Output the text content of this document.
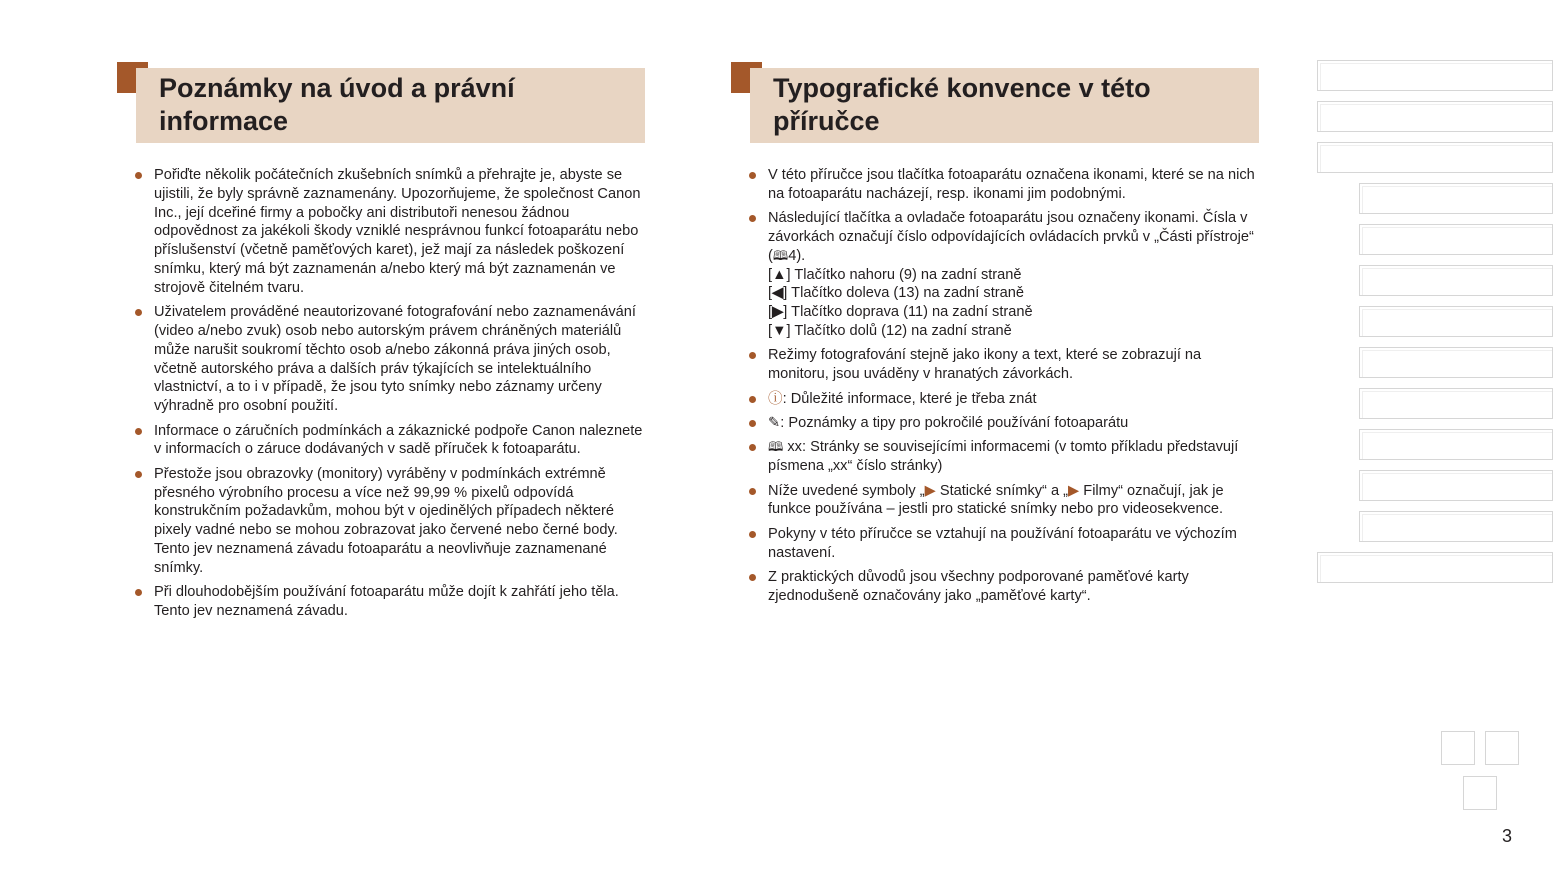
Poznámky na úvod a právní informace
Pořiďte několik počátečních zkušebních snímků a přehrajte je, abyste se ujistili, že byly správně zaznamenány. Upozorňujeme, že společnost Canon Inc., její dceřiné firmy a pobočky ani distributoři nenesou žádnou odpovědnost za jakékoli škody vzniklé nesprávnou funkcí fotoaparátu nebo příslušenství (včetně paměťových karet), jež mají za následek poškození snímku, který má být zaznamenán a/nebo který má být zaznamenán ve strojově čitelném tvaru.
Uživatelem prováděné neautorizované fotografování nebo zaznamenávání (video a/nebo zvuk) osob nebo autorským právem chráněných materiálů může narušit soukromí těchto osob a/nebo zákonná práva jiných osob, včetně autorského práva a dalších práv týkajících se intelektuálního vlastnictví, a to i v případě, že jsou tyto snímky nebo záznamy určeny výhradně pro osobní použití.
Informace o záručních podmínkách a zákaznické podpoře Canon naleznete v informacích o záruce dodávaných v sadě příruček k fotoaparátu.
Přestože jsou obrazovky (monitory) vyráběny v podmínkách extrémně přesného výrobního procesu a více než 99,99 % pixelů odpovídá konstrukčním požadavkům, mohou být v ojedinělých případech některé pixely vadné nebo se mohou zobrazovat jako červené nebo černé body. Tento jev neznamená závadu fotoaparátu a neovlivňuje zaznamenané snímky.
Při dlouhodobějším používání fotoaparátu může dojít k zahřátí jeho těla. Tento jev neznamená závadu.
Typografické konvence v této příručce
V této příručce jsou tlačítka fotoaparátu označena ikonami, které se na nich na fotoaparátu nacházejí, resp. ikonami jim podobnými.
Následující tlačítka a ovladače fotoaparátu jsou označeny ikonami. Čísla v závorkách označují číslo odpovídajících ovládacích prvků v „Části přístroje“ (🕮4).
[▲] Tlačítko nahoru (9) na zadní straně
[◀] Tlačítko doleva (13) na zadní straně
[▶] Tlačítko doprava (11) na zadní straně
[▼] Tlačítko dolů (12) na zadní straně
Režimy fotografování stejně jako ikony a text, které se zobrazují na monitoru, jsou uváděny v hranatých závorkách.
ⓘ: Důležité informace, které je třeba znát
✎: Poznámky a tipy pro pokročilé používání fotoaparátu
🕮 xx: Stránky se souvisejícími informacemi (v tomto příkladu představují písmena „xx“ číslo stránky)
Níže uvedené symboly „▶ Statické snímky“ a „▶ Filmy“ označují, jak je funkce používána – jestli pro statické snímky nebo pro videosekvence.
Pokyny v této příručce se vztahují na používání fotoaparátu ve výchozím nastavení.
Z praktických důvodů jsou všechny podporované paměťové karty zjednodušeně označovány jako „paměťové karty“.
3
